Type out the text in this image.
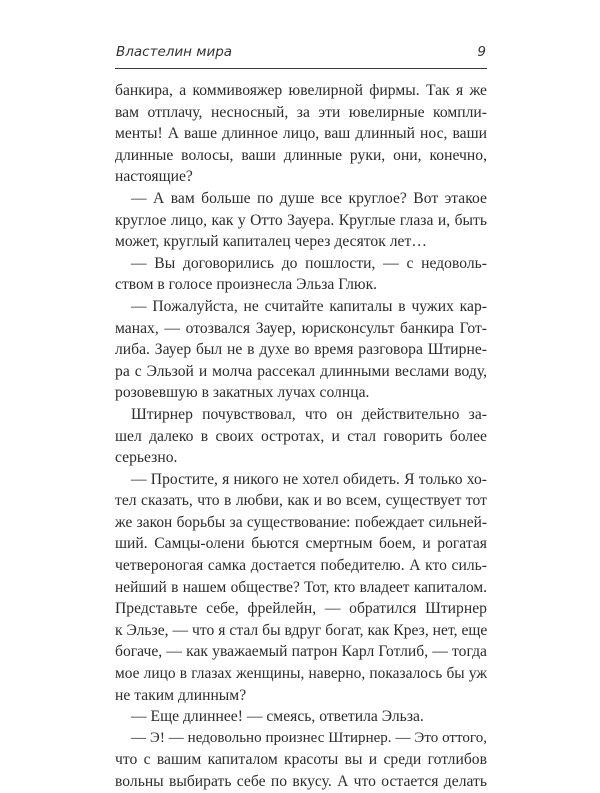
Властелин мира	9
банкира, а коммивояжер ювелирной фирмы. Так я же
вам отплачу, несносный, за эти ювелирные компли-
менты! А ваше длинное лицо, ваш длинный нос, ваши
длинные волосы, ваши длинные руки, они, конечно,
настоящие?
— А вам больше по душе все круглое? Вот этакое
круглое лицо, как у Отто Зауера. Круглые глаза и, быть
может, круглый капиталец через десяток лет…
— Вы договорились до пошлости, — с недоволь-
ством в голосе произнесла Эльза Глюк.
— Пожалуйста, не считайте капиталы в чужих кар-
манах, — отозвался Зауер, юрисконсульт банкира Гот-
либа. Зауер был не в духе во время разговора Штирне-
ра с Эльзой и молча рассекал длинными веслами воду,
розовевшую в закатных лучах солнца.
Штирнер почувствовал, что он действительно за-
шел далеко в своих остротах, и стал говорить более
серьезно.
— Простите, я никого не хотел обидеть. Я только хо-
тел сказать, что в любви, как и во всем, существует тот
же закон борьбы за существование: побеждает сильней-
ший. Самцы-олени бьются смертным боем, и рогатая
четвероногая самка достается победителю. А кто силь-
нейший в нашем обществе? Тот, кто владеет капиталом.
Представьте себе, фрейлейн, — обратился Штирнер
к Эльзе, — что я стал бы вдруг богат, как Крез, нет, еще
богаче, — как уважаемый патрон Карл Готлиб, — тогда
мое лицо в глазах женщины, наверно, показалось бы уж
не таким длинным?
— Еще длиннее! — смеясь, ответила Эльза.
— Э! — недовольно произнес Штирнер. — Это оттого,
что с вашим капиталом красоты вы и среди готлибов
вольны выбирать себе по вкусу. А что остается делать
